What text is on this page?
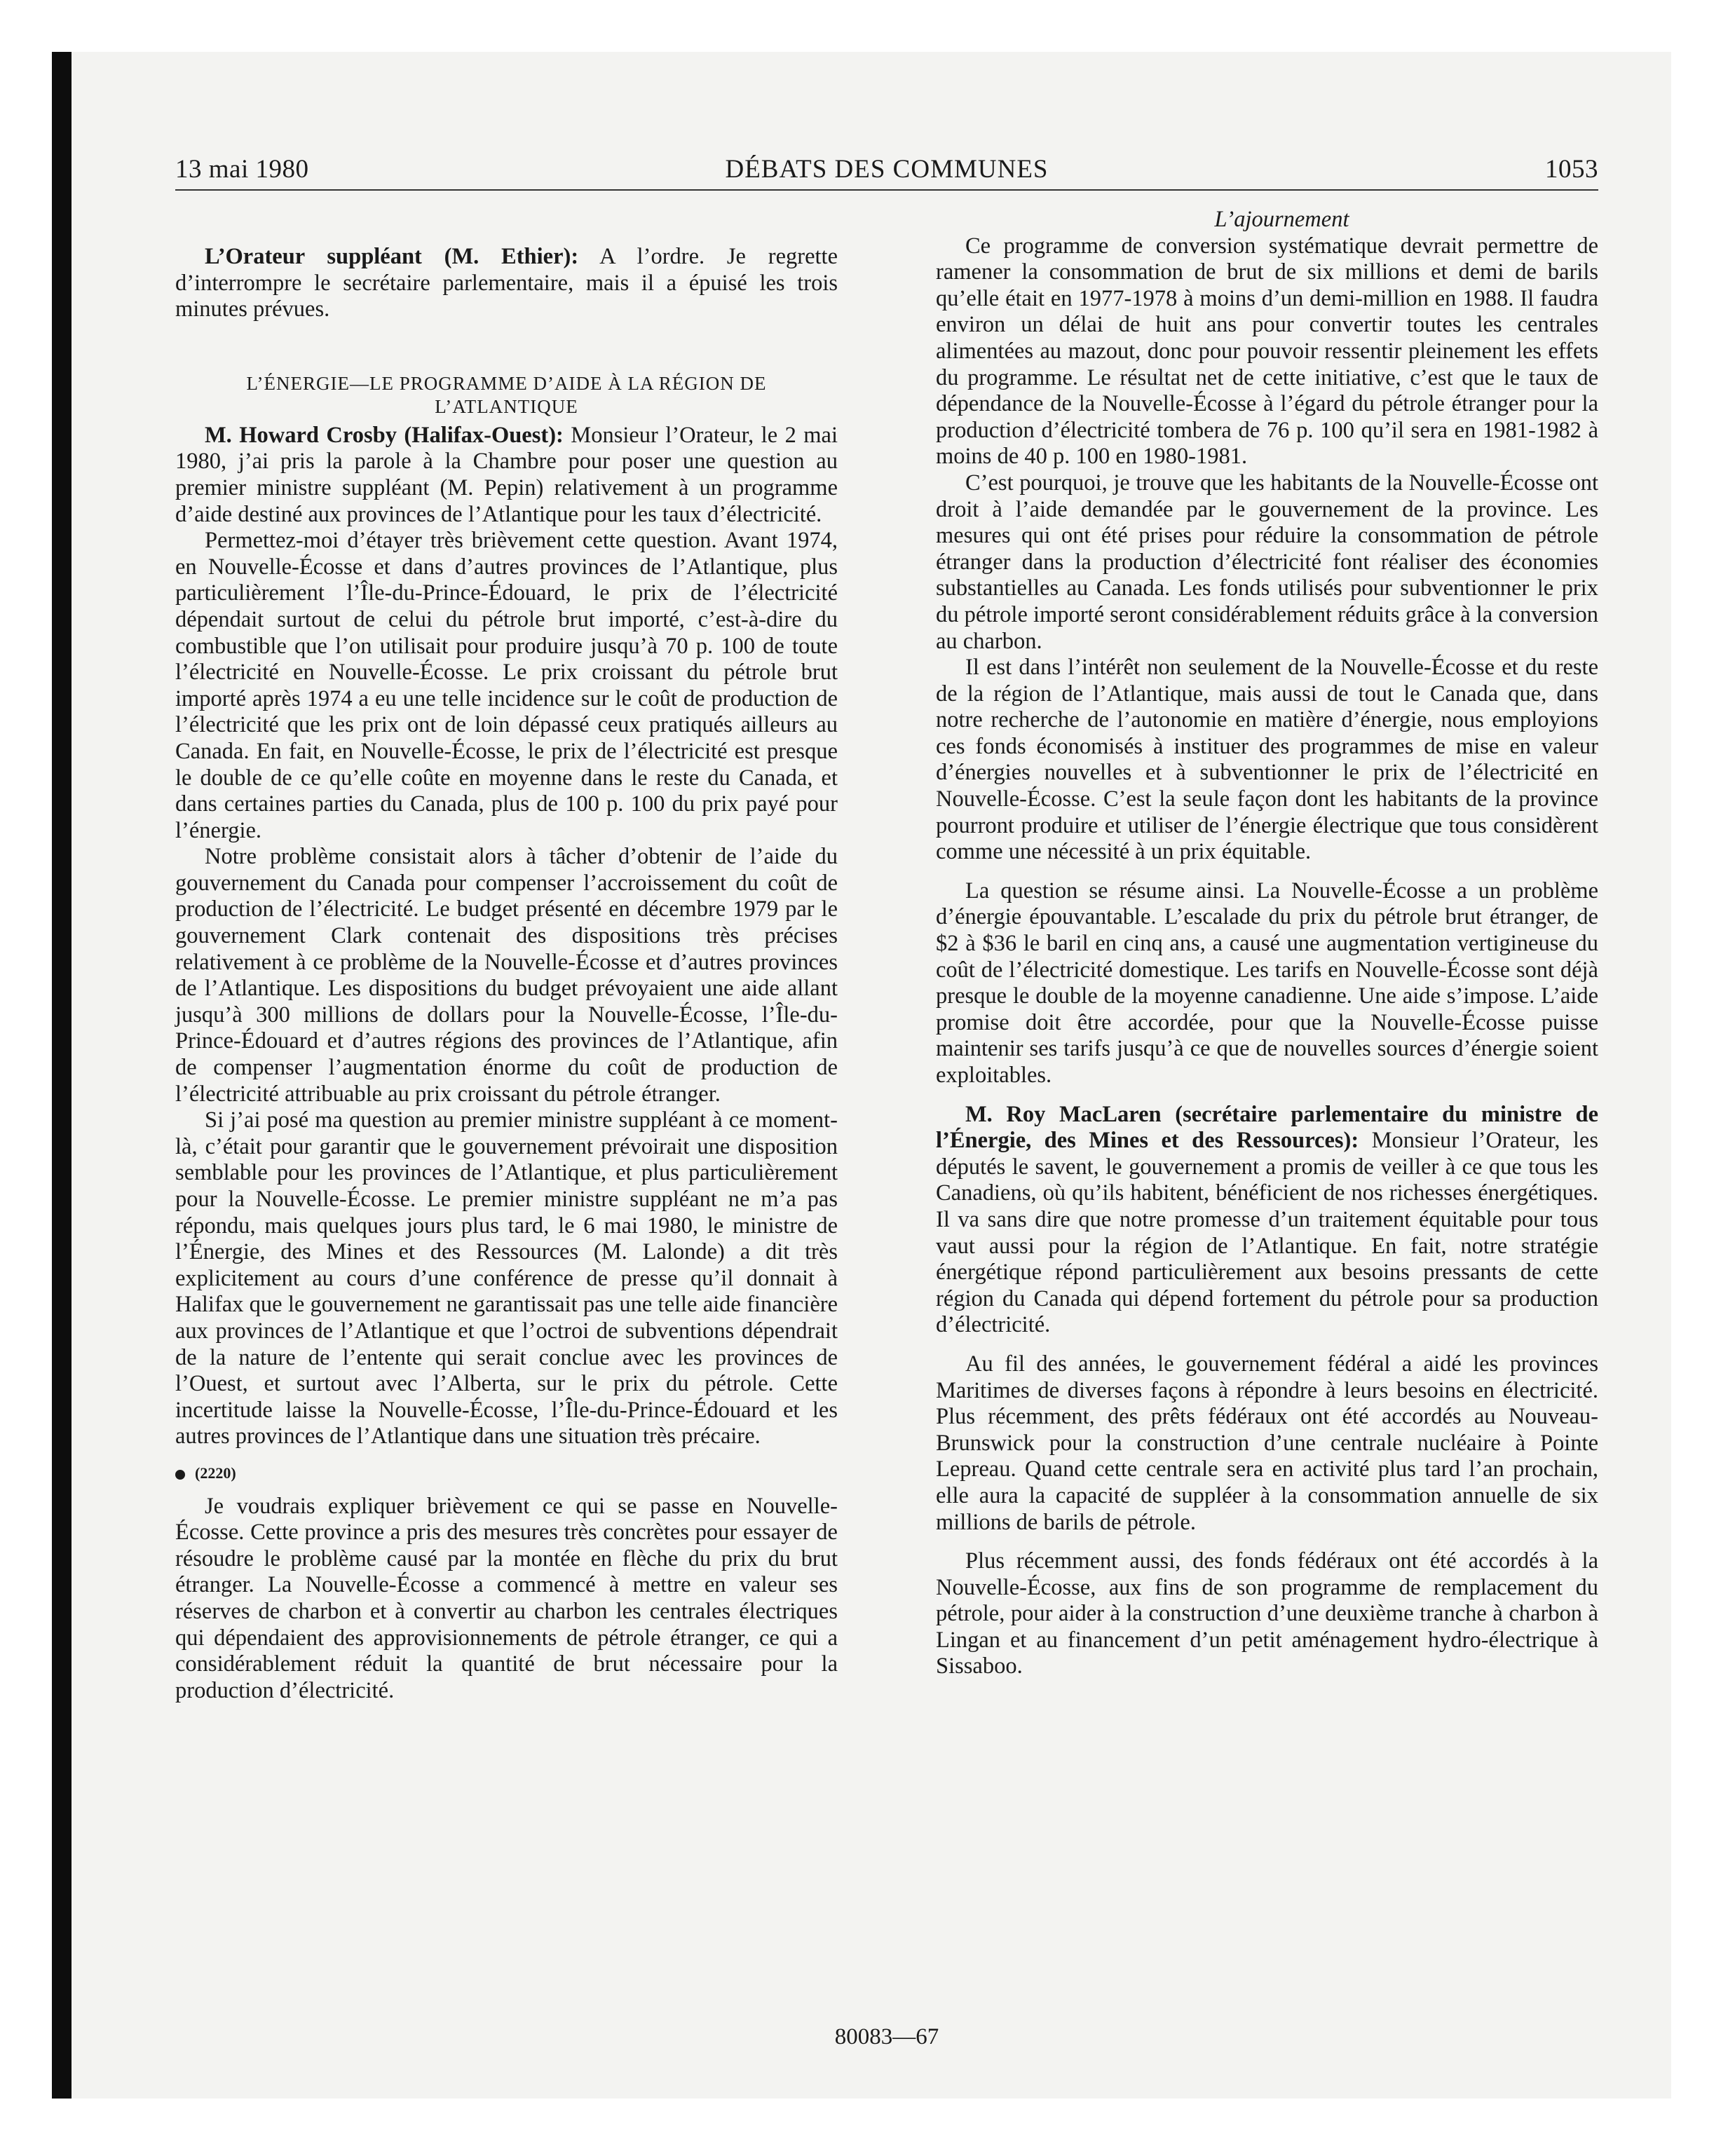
13 mai 1980	DÉBATS DES COMMUNES	1053

L’Orateur suppléant (M. Ethier): A l’ordre. Je regrette d’interrompre le secrétaire parlementaire, mais il a épuisé les trois minutes prévues.

L’ÉNERGIE—LE PROGRAMME D’AIDE À LA RÉGION DE L’ATLANTIQUE

M. Howard Crosby (Halifax-Ouest): Monsieur l’Orateur, le 2 mai 1980, j’ai pris la parole à la Chambre pour poser une question au premier ministre suppléant (M. Pepin) relativement à un programme d’aide destiné aux provinces de l’Atlantique pour les taux d’électricité.

Permettez-moi d’étayer très brièvement cette question. Avant 1974, en Nouvelle-Écosse et dans d’autres provinces de l’Atlantique, plus particulièrement l’Île-du-Prince-Édouard, le prix de l’électricité dépendait surtout de celui du pétrole brut importé, c’est-à-dire du combustible que l’on utilisait pour produire jusqu’à 70 p. 100 de toute l’électricité en Nouvelle-Écosse. Le prix croissant du pétrole brut importé après 1974 a eu une telle incidence sur le coût de production de l’électricité que les prix ont de loin dépassé ceux pratiqués ailleurs au Canada. En fait, en Nouvelle-Écosse, le prix de l’électricité est presque le double de ce qu’elle coûte en moyenne dans le reste du Canada, et dans certaines parties du Canada, plus de 100 p. 100 du prix payé pour l’énergie.

Notre problème consistait alors à tâcher d’obtenir de l’aide du gouvernement du Canada pour compenser l’accroissement du coût de production de l’électricité. Le budget présenté en décembre 1979 par le gouvernement Clark contenait des dispositions très précises relativement à ce problème de la Nouvelle-Écosse et d’autres provinces de l’Atlantique. Les dispositions du budget prévoyaient une aide allant jusqu’à 300 millions de dollars pour la Nouvelle-Écosse, l’Île-du-Prince-Édouard et d’autres régions des provinces de l’Atlantique, afin de compenser l’augmentation énorme du coût de production de l’électricité attribuable au prix croissant du pétrole étranger.

Si j’ai posé ma question au premier ministre suppléant à ce moment-là, c’était pour garantir que le gouvernement prévoirait une disposition semblable pour les provinces de l’Atlantique, et plus particulièrement pour la Nouvelle-Écosse. Le premier ministre suppléant ne m’a pas répondu, mais quelques jours plus tard, le 6 mai 1980, le ministre de l’Énergie, des Mines et des Ressources (M. Lalonde) a dit très explicitement au cours d’une conférence de presse qu’il donnait à Halifax que le gouvernement ne garantissait pas une telle aide financière aux provinces de l’Atlantique et que l’octroi de subventions dépendrait de la nature de l’entente qui serait conclue avec les provinces de l’Ouest, et surtout avec l’Alberta, sur le prix du pétrole. Cette incertitude laisse la Nouvelle-Écosse, l’Île-du-Prince-Édouard et les autres provinces de l’Atlantique dans une situation très précaire.

(2220)

Je voudrais expliquer brièvement ce qui se passe en Nouvelle-Écosse. Cette province a pris des mesures très concrètes pour essayer de résoudre le problème causé par la montée en flèche du prix du brut étranger. La Nouvelle-Écosse a commencé à mettre en valeur ses réserves de charbon et à convertir au charbon les centrales électriques qui dépendaient des approvisionnements de pétrole étranger, ce qui a considérablement réduit la quantité de brut nécessaire pour la production d’électricité.

L’ajournement

Ce programme de conversion systématique devrait permettre de ramener la consommation de brut de six millions et demi de barils qu’elle était en 1977-1978 à moins d’un demi-million en 1988. Il faudra environ un délai de huit ans pour convertir toutes les centrales alimentées au mazout, donc pour pouvoir ressentir pleinement les effets du programme. Le résultat net de cette initiative, c’est que le taux de dépendance de la Nouvelle-Écosse à l’égard du pétrole étranger pour la production d’électricité tombera de 76 p. 100 qu’il sera en 1981-1982 à moins de 40 p. 100 en 1980-1981.

C’est pourquoi, je trouve que les habitants de la Nouvelle-Écosse ont droit à l’aide demandée par le gouvernement de la province. Les mesures qui ont été prises pour réduire la consommation de pétrole étranger dans la production d’électricité font réaliser des économies substantielles au Canada. Les fonds utilisés pour subventionner le prix du pétrole importé seront considérablement réduits grâce à la conversion au charbon.

Il est dans l’intérêt non seulement de la Nouvelle-Écosse et du reste de la région de l’Atlantique, mais aussi de tout le Canada que, dans notre recherche de l’autonomie en matière d’énergie, nous employions ces fonds économisés à instituer des programmes de mise en valeur d’énergies nouvelles et à subventionner le prix de l’électricité en Nouvelle-Écosse. C’est la seule façon dont les habitants de la province pourront produire et utiliser de l’énergie électrique que tous considèrent comme une nécessité à un prix équitable.

La question se résume ainsi. La Nouvelle-Écosse a un problème d’énergie épouvantable. L’escalade du prix du pétrole brut étranger, de $2 à $36 le baril en cinq ans, a causé une augmentation vertigineuse du coût de l’électricité domestique. Les tarifs en Nouvelle-Écosse sont déjà presque le double de la moyenne canadienne. Une aide s’impose. L’aide promise doit être accordée, pour que la Nouvelle-Écosse puisse maintenir ses tarifs jusqu’à ce que de nouvelles sources d’énergie soient exploitables.

M. Roy MacLaren (secrétaire parlementaire du ministre de l’Énergie, des Mines et des Ressources): Monsieur l’Orateur, les députés le savent, le gouvernement a promis de veiller à ce que tous les Canadiens, où qu’ils habitent, bénéficient de nos richesses énergétiques. Il va sans dire que notre promesse d’un traitement équitable pour tous vaut aussi pour la région de l’Atlantique. En fait, notre stratégie énergétique répond particulièrement aux besoins pressants de cette région du Canada qui dépend fortement du pétrole pour sa production d’électricité.

Au fil des années, le gouvernement fédéral a aidé les provinces Maritimes de diverses façons à répondre à leurs besoins en électricité. Plus récemment, des prêts fédéraux ont été accordés au Nouveau-Brunswick pour la construction d’une centrale nucléaire à Pointe Lepreau. Quand cette centrale sera en activité plus tard l’an prochain, elle aura la capacité de suppléer à la consommation annuelle de six millions de barils de pétrole.

Plus récemment aussi, des fonds fédéraux ont été accordés à la Nouvelle-Écosse, aux fins de son programme de remplacement du pétrole, pour aider à la construction d’une deuxième tranche à charbon à Lingan et au financement d’un petit aménagement hydro-électrique à Sissaboo.

80083—67
